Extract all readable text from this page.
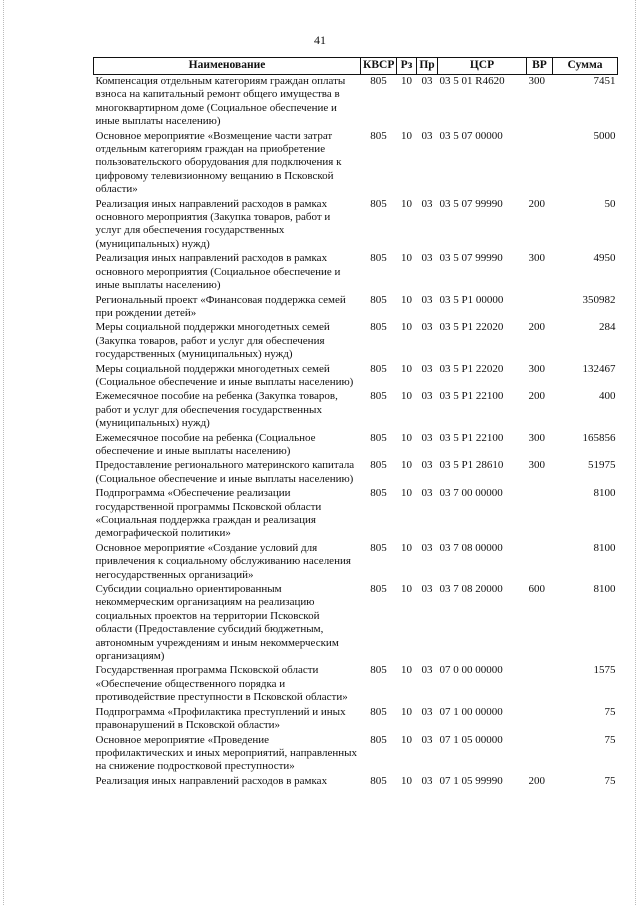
41
Наименование	КВСР	Рз	Пр	ЦСР	ВР	Сумма
Компенсация отдельным категориям граждан оплаты взноса на капитальный ремонт общего имущества в многоквартирном доме (Социальное обеспечение и иные выплаты населению)	805	10	03	03 5 01 R4620	300	7451
Основное мероприятие «Возмещение части затрат отдельным категориям граждан на приобретение пользовательского оборудования для подключения к цифровому телевизионному вещанию в Псковской области»	805	10	03	03 5 07 00000		5000
Реализация иных направлений расходов в рамках основного мероприятия (Закупка товаров, работ и услуг для обеспечения государственных (муниципальных) нужд)	805	10	03	03 5 07 99990	200	50
Реализация иных направлений расходов в рамках основного мероприятия (Социальное обеспечение и иные выплаты населению)	805	10	03	03 5 07 99990	300	4950
Региональный проект «Финансовая поддержка семей при рождении детей»	805	10	03	03 5 P1 00000		350982
Меры социальной поддержки многодетных семей (Закупка товаров, работ и услуг для обеспечения государственных (муниципальных) нужд)	805	10	03	03 5 P1 22020	200	284
Меры социальной поддержки многодетных семей (Социальное обеспечение и иные выплаты населению)	805	10	03	03 5 P1 22020	300	132467
Ежемесячное пособие на ребенка (Закупка товаров, работ и услуг для обеспечения государственных (муниципальных) нужд)	805	10	03	03 5 P1 22100	200	400
Ежемесячное пособие на ребенка (Социальное обеспечение и иные выплаты населению)	805	10	03	03 5 P1 22100	300	165856
Предоставление регионального материнского капитала (Социальное обеспечение и иные выплаты населению)	805	10	03	03 5 P1 28610	300	51975
Подпрограмма «Обеспечение реализации государственной программы Псковской области «Социальная поддержка граждан и реализация демографической политики»	805	10	03	03 7 00 00000		8100
Основное мероприятие «Создание условий для привлечения к социальному обслуживанию населения негосударственных организаций»	805	10	03	03 7 08 00000		8100
Субсидии социально ориентированным некоммерческим организациям на реализацию социальных проектов на территории Псковской области (Предоставление субсидий бюджетным, автономным учреждениям и иным некоммерческим организациям)	805	10	03	03 7 08 20000	600	8100
Государственная программа Псковской области «Обеспечение общественного порядка и противодействие преступности в Псковской области»	805	10	03	07 0 00 00000		1575
Подпрограмма «Профилактика преступлений и иных правонарушений в Псковской области»	805	10	03	07 1 00 00000		75
Основное мероприятие «Проведение профилактических и иных мероприятий, направленных на снижение подростковой преступности»	805	10	03	07 1 05 00000		75
Реализация иных направлений расходов в рамках	805	10	03	07 1 05 99990	200	75
